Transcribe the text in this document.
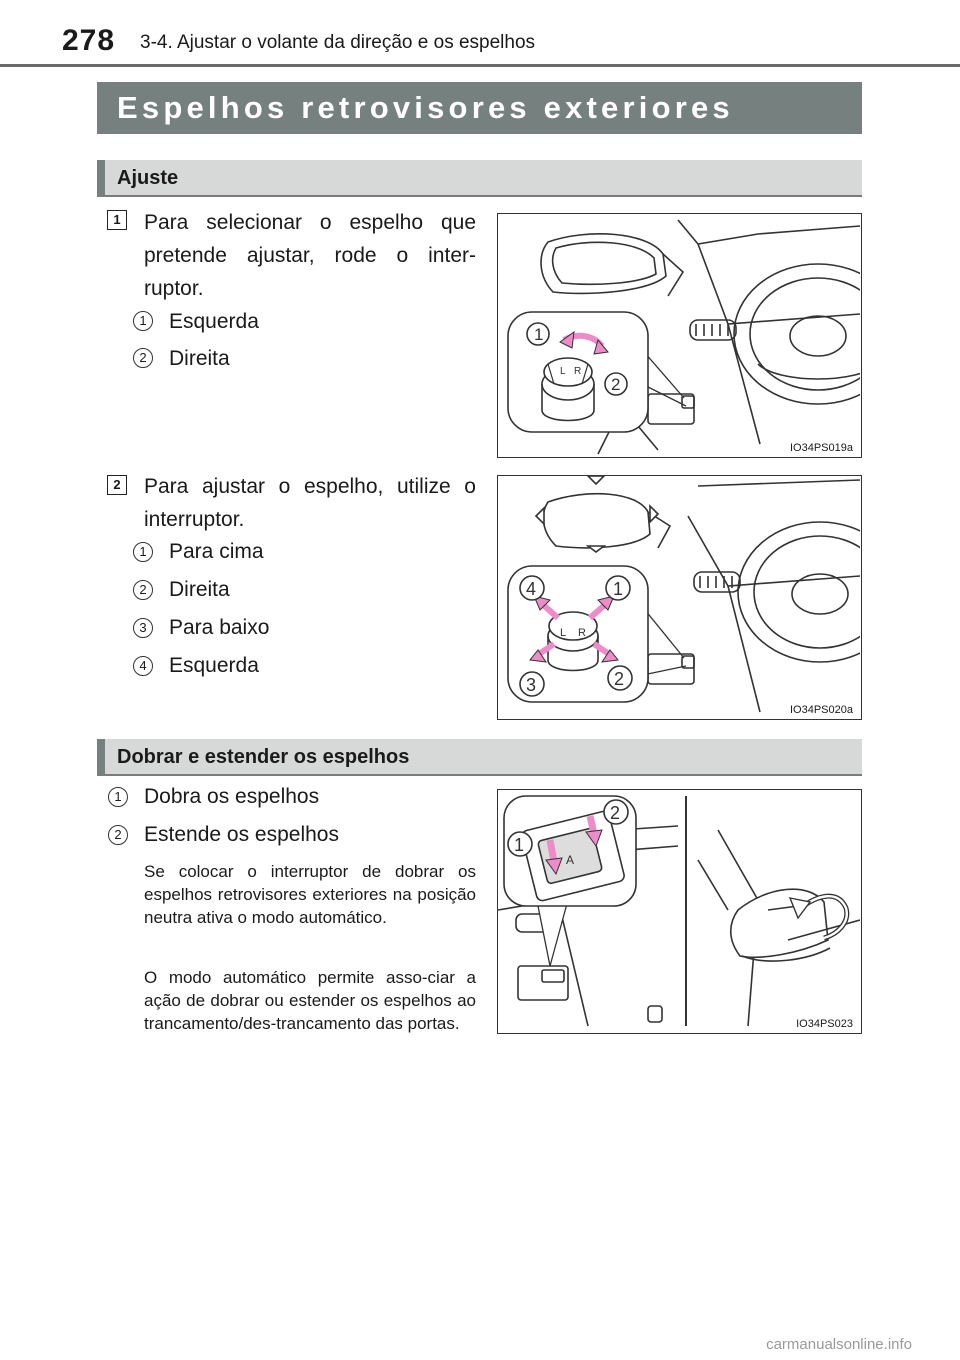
278 3-4. Ajustar o volante da direção e os espelhos
Espelhos retrovisores exteriores
Ajuste
1	Para selecionar o espelho que pretende ajustar, rode o inter-ruptor.
1	Esquerda
2	Direita
L R
1
2
IO34PS019a
2	Para ajustar o espelho, utilize o interruptor.
1	Para cima
2	Direita
3	Para baixo
4	Esquerda
L R
4	1
3	2
IO34PS020a
Dobrar e estender os espelhos
1	Dobra os espelhos
2	Estende os espelhos
Se colocar o interruptor de dobrar os espelhos retrovisores exteriores na posição neutra ativa o modo automático.
O modo automático permite asso-ciar a ação de dobrar ou estender os espelhos ao trancamento/des-trancamento das portas.
A
1
2
IO34PS023
carmanualsonline.info
